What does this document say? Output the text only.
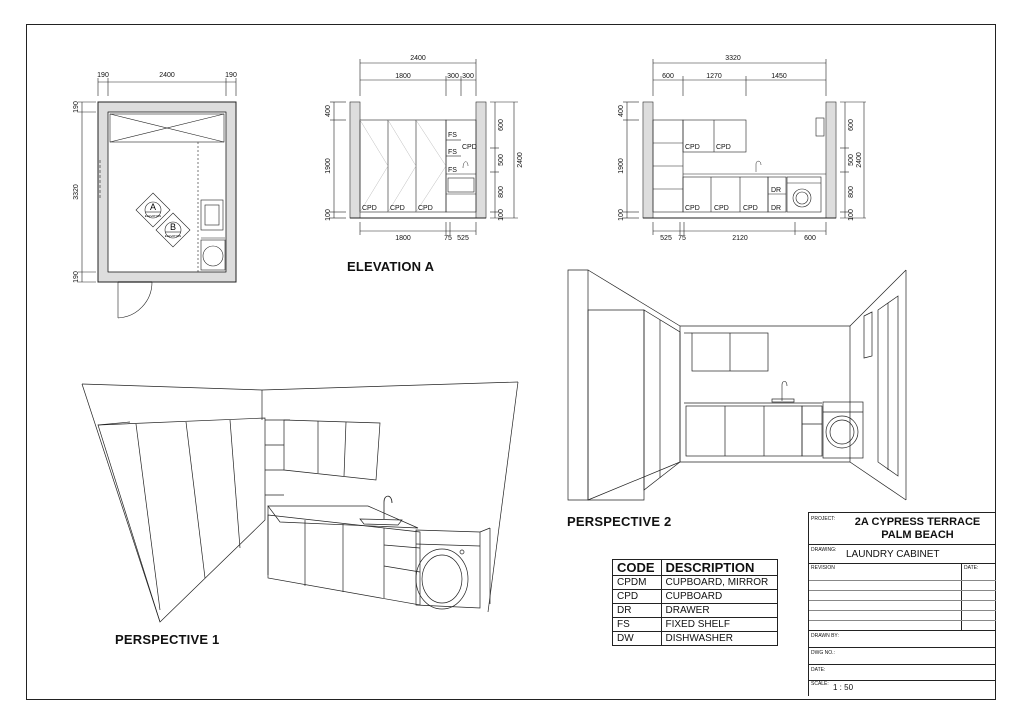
190	2400	190
190
3320
190
A
ELEVATION
B
ELEVATION
2400
1800	300 300
1800	75 525
400
1900
100
600
500
800
100
2400
FS
CPD
FS
FS
CPD CPD CPD
ELEVATION A
3320
600	1270	1450
525 75	2120	600
400
1900
100
600
500
800
100
2400
CPD CPD
DR
CPD CPD CPD DR
PERSPECTIVE 2
PERSPECTIVE 1
CODE	DESCRIPTION
CPDM	CUPBOARD, MIRROR
CPD	CUPBOARD
DR	DRAWER
FS	FIXED SHELF
DW	DISHWASHER
PROJECT:	2A CYPRESS TERRACE
PALM BEACH
DRAWING: LAUNDRY CABINET
REVISION	DATE:
DRAWN BY:
DWG NO.:
DATE:
SCALE: 1 : 50
